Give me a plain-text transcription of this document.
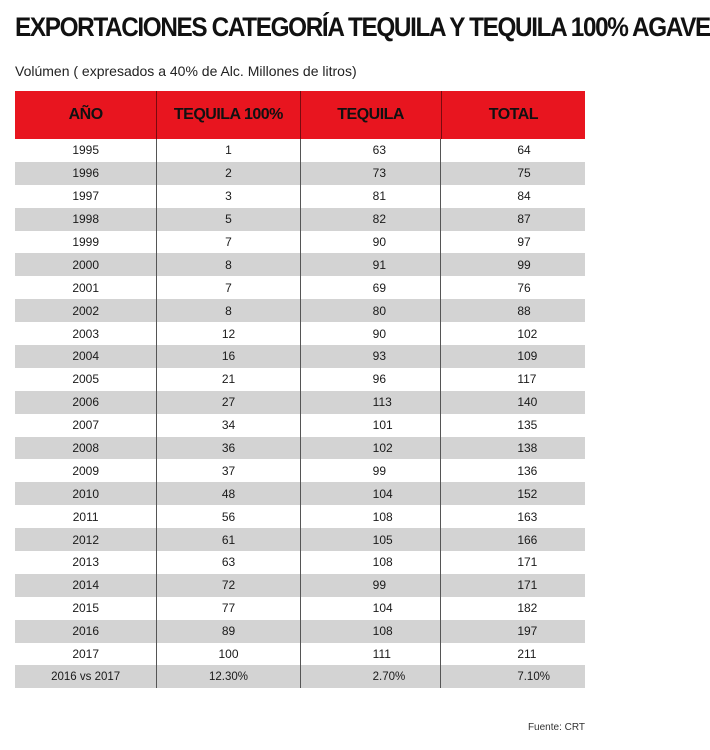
EXPORTACIONES CATEGORÍA TEQUILA Y TEQUILA 100% AGAVE
Volúmen ( expresados a 40% de Alc. Millones de litros)
AÑO	TEQUILA 100%	TEQUILA	TOTAL
1995	1	63	64
1996	2	73	75
1997	3	81	84
1998	5	82	87
1999	7	90	97
2000	8	91	99
2001	7	69	76
2002	8	80	88
2003	12	90	102
2004	16	93	109
2005	21	96	117
2006	27	113	140
2007	34	101	135
2008	36	102	138
2009	37	99	136
2010	48	104	152
2011	56	108	163
2012	61	105	166
2013	63	108	171
2014	72	99	171
2015	77	104	182
2016	89	108	197
2017	100	111	211
2016 vs 2017	12.30%	2.70%	7.10%
Fuente: CRT
